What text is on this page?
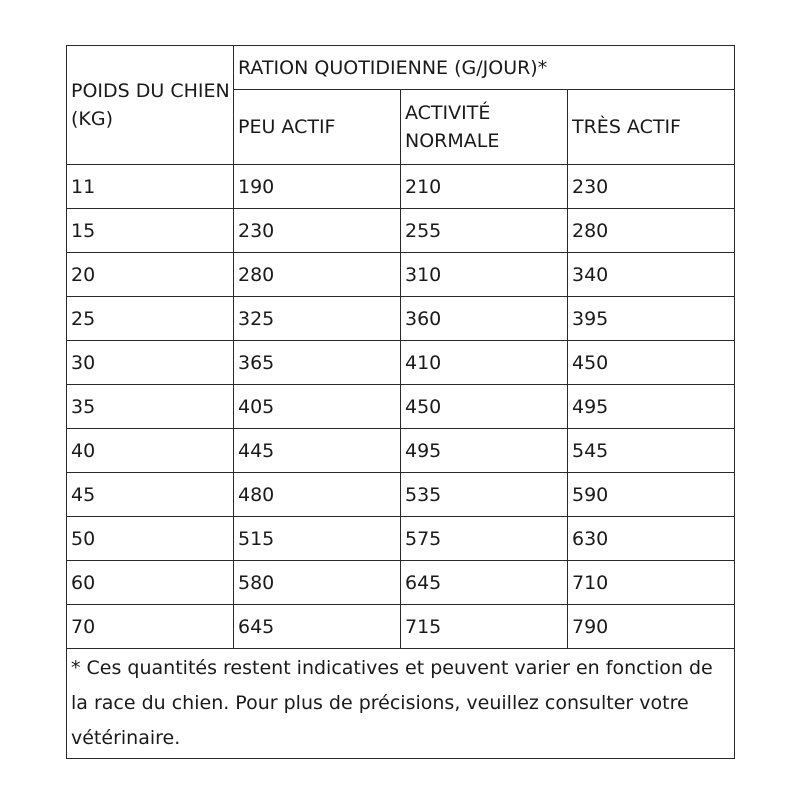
POIDS DU CHIEN (KG)	RATION QUOTIDIENNE (G/JOUR)*		
	PEU ACTIF	ACTIVITÉ NORMALE	TRÈS ACTIF
11	190	210	230
15	230	255	280
20	280	310	340
25	325	360	395
30	365	410	450
35	405	450	495
40	445	495	545
45	480	535	590
50	515	575	630
60	580	645	710
70	645	715	790
* Ces quantités restent indicatives et peuvent varier en fonction de la race du chien. Pour plus de précisions, veuillez consulter votre vétérinaire.			
